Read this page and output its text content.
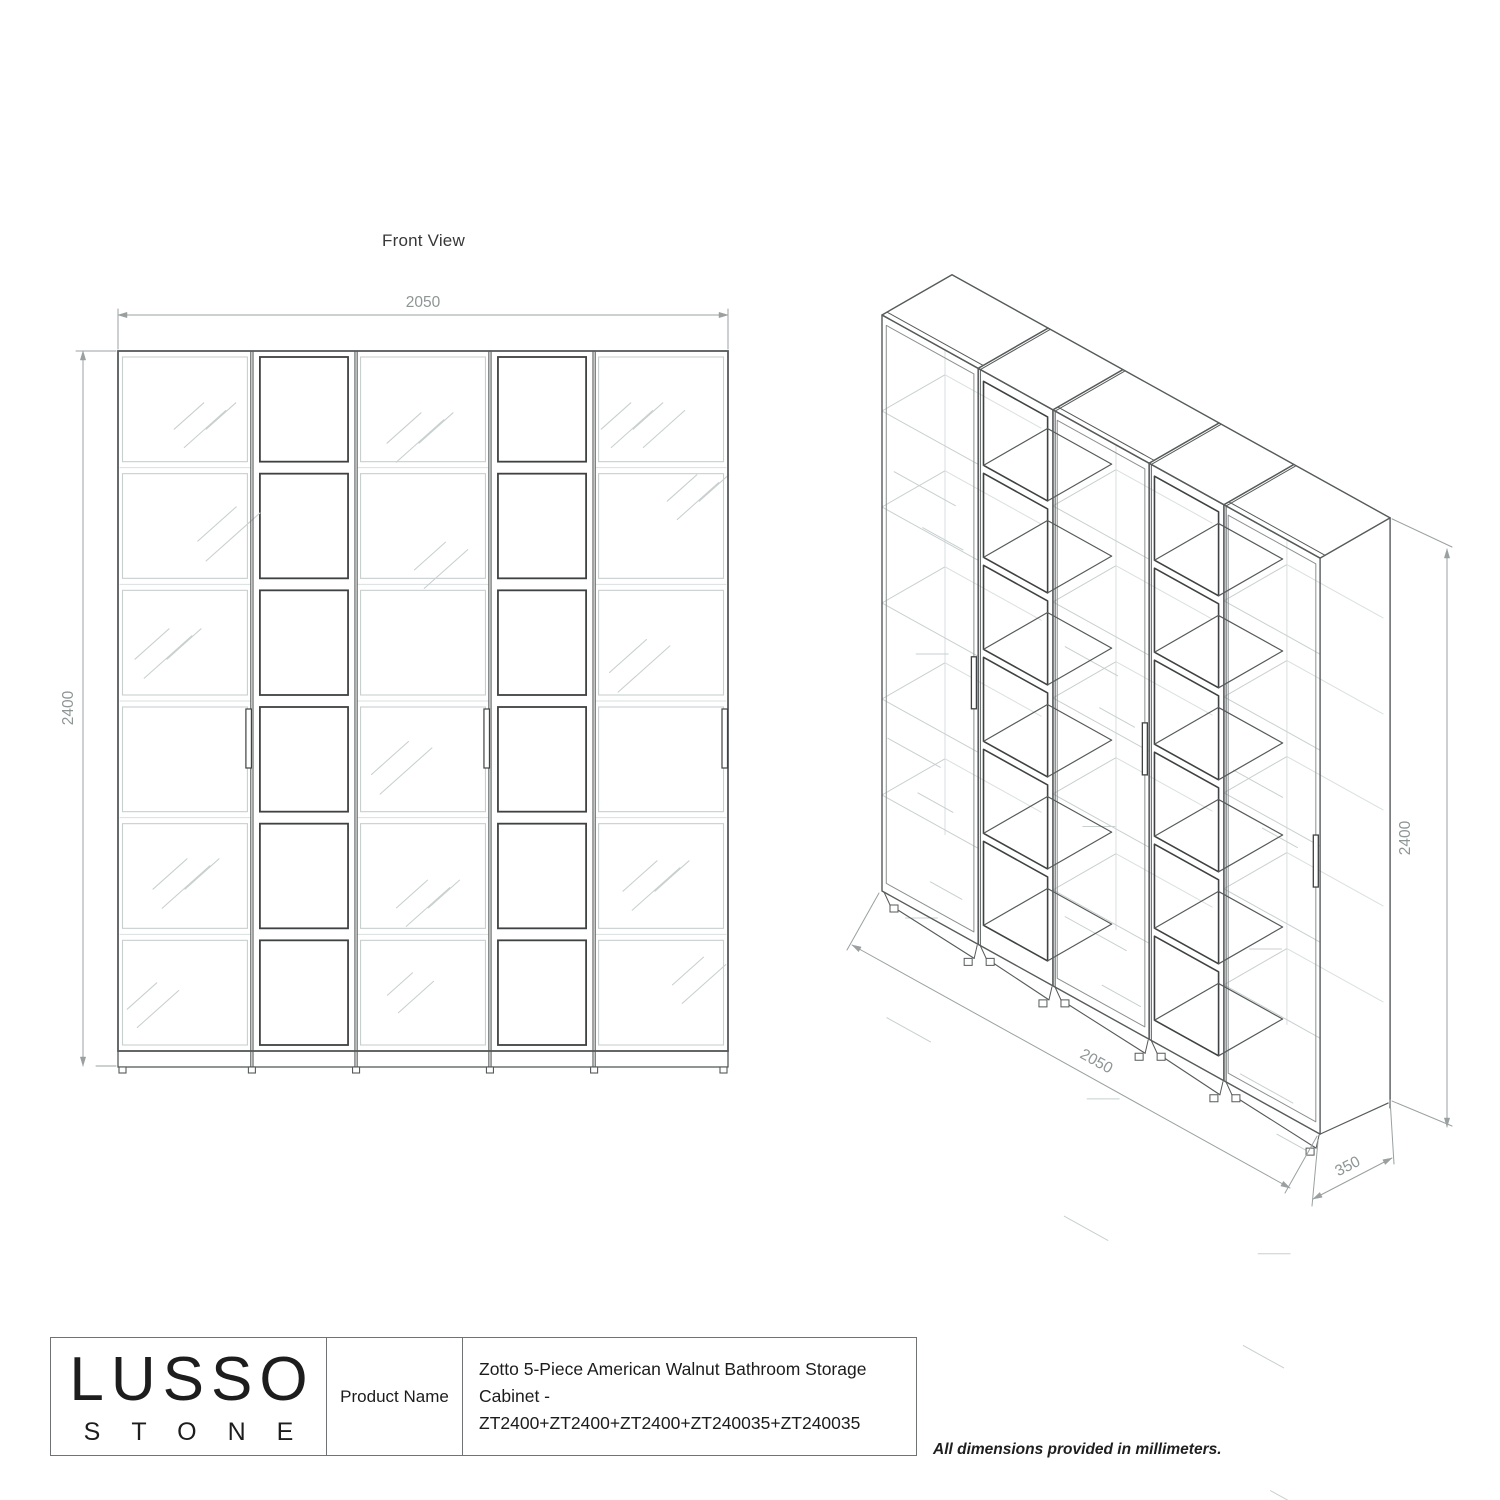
Front View
2050
2400
2400
2050
350
LUSSO
STONE
Product Name
Zotto 5-Piece American Walnut Bathroom Storage
Cabinet - ZT2400+ZT2400+ZT2400+ZT240035+ZT240035
All dimensions provided in millimeters.
